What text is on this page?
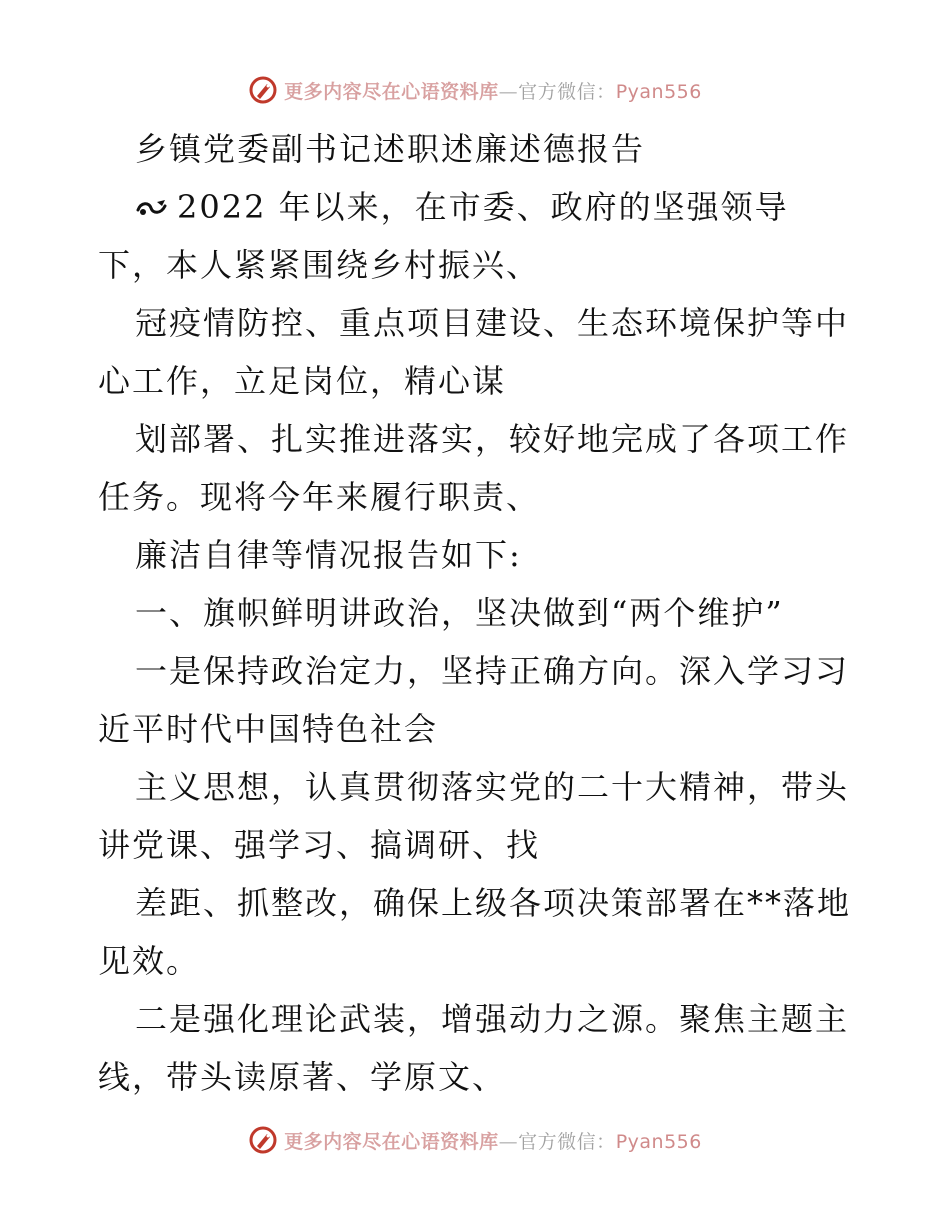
更多内容尽在心语资料库—官方微信：Pyan556
乡镇党委副书记述职述廉述德报告
2022 年以来，在市委、政府的坚强领导
下，本人紧紧围绕乡村振兴、
冠疫情防控、重点项目建设、生态环境保护等中
心工作，立足岗位，精心谋
划部署、扎实推进落实，较好地完成了各项工作
任务。现将今年来履行职责、
廉洁自律等情况报告如下:
一、旗帜鲜明讲政治，坚决做到“两个维护”
一是保持政治定力，坚持正确方向。深入学习习
近平时代中国特色社会
主义思想，认真贯彻落实党的二十大精神，带头
讲党课、强学习、搞调研、找
差距、抓整改，确保上级各项决策部署在**落地
见效。
二是强化理论武装，增强动力之源。聚焦主题主
线，带头读原著、学原文、
更多内容尽在心语资料库—官方微信：Pyan556
